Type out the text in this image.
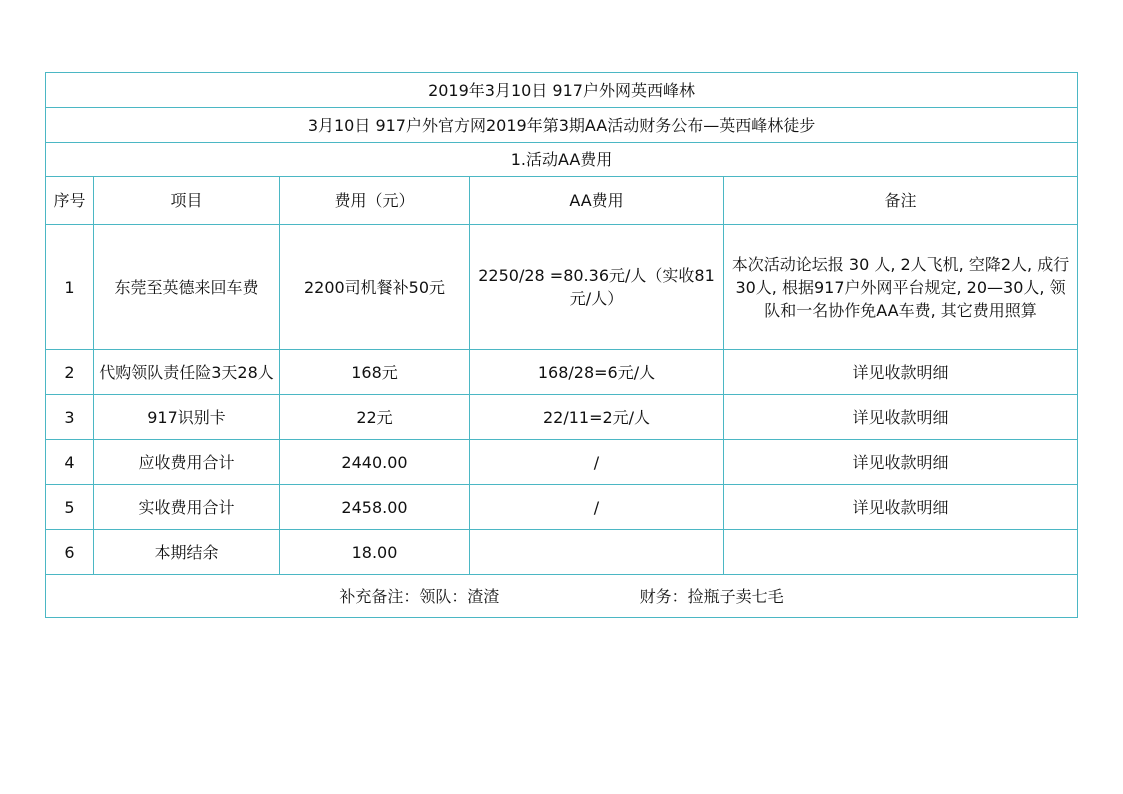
2019年3月10日 917户外网英西峰林				
3月10日 917户外官方网2019年第3期AA活动财务公布—英西峰林徒步				
1.活动AA费用				
序号	项目	费用（元）	AA费用	备注
1	东莞至英德来回车费	2200司机餐补50元	2250/28 =80.36元/人（实收81元/人）	本次活动论坛报 30 人, 2人飞机, 空降2人, 成行30人, 根据917户外网平台规定, 20—30人, 领队和一名协作免AA车费, 其它费用照算
2	代购领队责任险3天28人	168元	168/28=6元/人	详见收款明细
3	917识别卡	22元	22/11=2元/人	详见收款明细
4	应收费用合计	2440.00	/	详见收款明细
5	实收费用合计	2458.00	/	详见收款明细
6	本期结余	18.00		
补充备注：领队：渣渣 财务：捡瓶子卖七毛				
